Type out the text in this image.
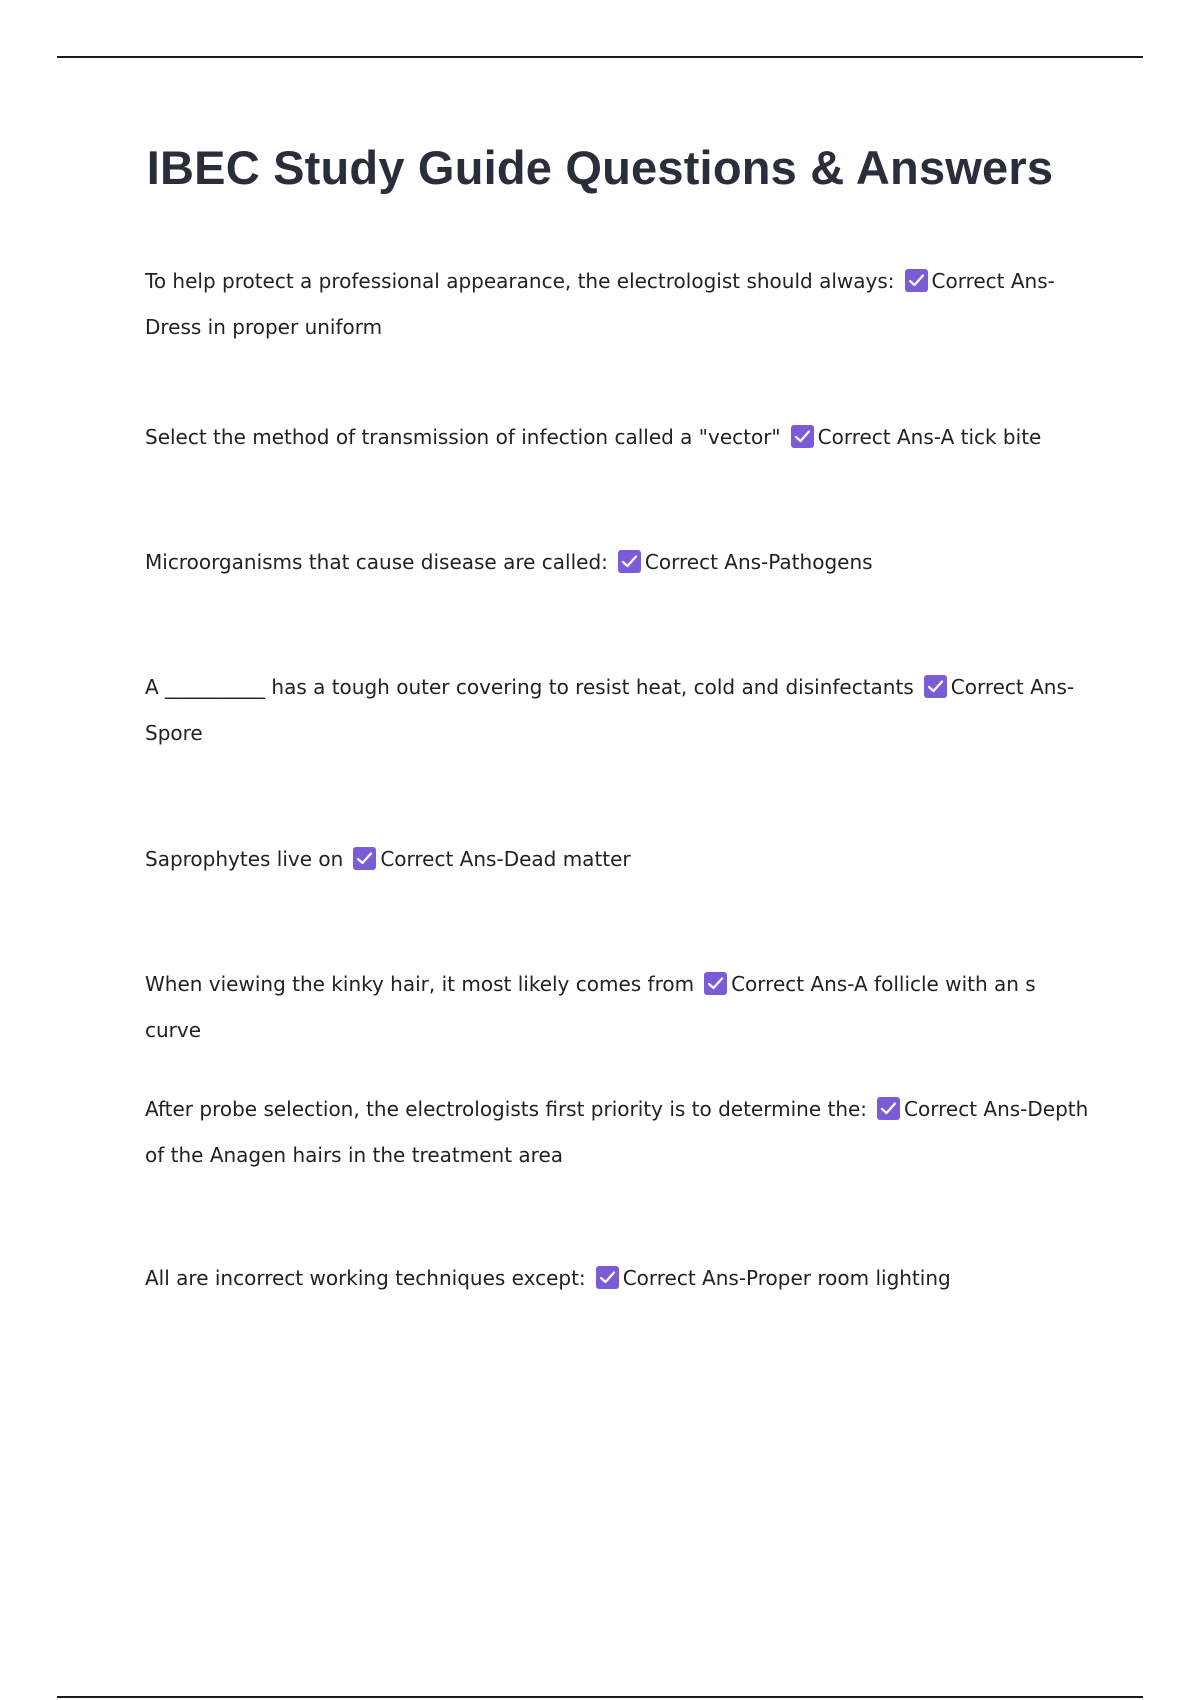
IBEC Study Guide Questions & Answers

To help protect a professional appearance, the electrologist should always: Correct Ans-Dress in proper uniform

Select the method of transmission of infection called a "vector" Correct Ans-A tick bite

Microorganisms that cause disease are called: Correct Ans-Pathogens

A __________ has a tough outer covering to resist heat, cold and disinfectants Correct Ans-Spore

Saprophytes live on Correct Ans-Dead matter

When viewing the kinky hair, it most likely comes from Correct Ans-A follicle with an s curve

After probe selection, the electrologists first priority is to determine the: Correct Ans-Depth of the Anagen hairs in the treatment area

All are incorrect working techniques except: Correct Ans-Proper room lighting
